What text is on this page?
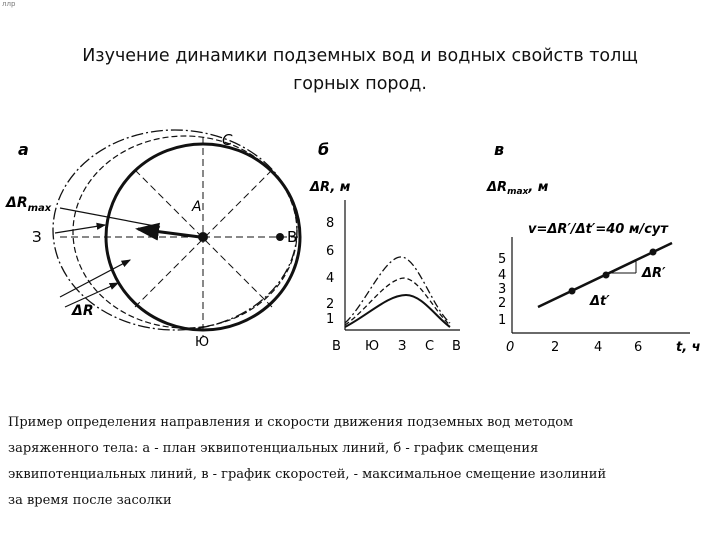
ллр
Изучение динамики подземных вод и водных свойств толщ
горных пород.
а	С
А
З	В
Ю
$\Delta R_{max}$
ΔR
б
ΔR, м
8
6
4
2
1
В Ю З С В
в
$\Delta R_{max}$, м
v=ΔR′/Δt′=40 м/сут
5
4
3
2
1
ΔR′
Δt′
0	2	4 6	t, ч
Пример определения направления и скорости движения подземных вод методом
заряженного тела: а - план эквипотенциальных линий, б - график смещения
эквипотенциальных линий, в - график скоростей, - максимальное смещение изолиний
за время после засолки
